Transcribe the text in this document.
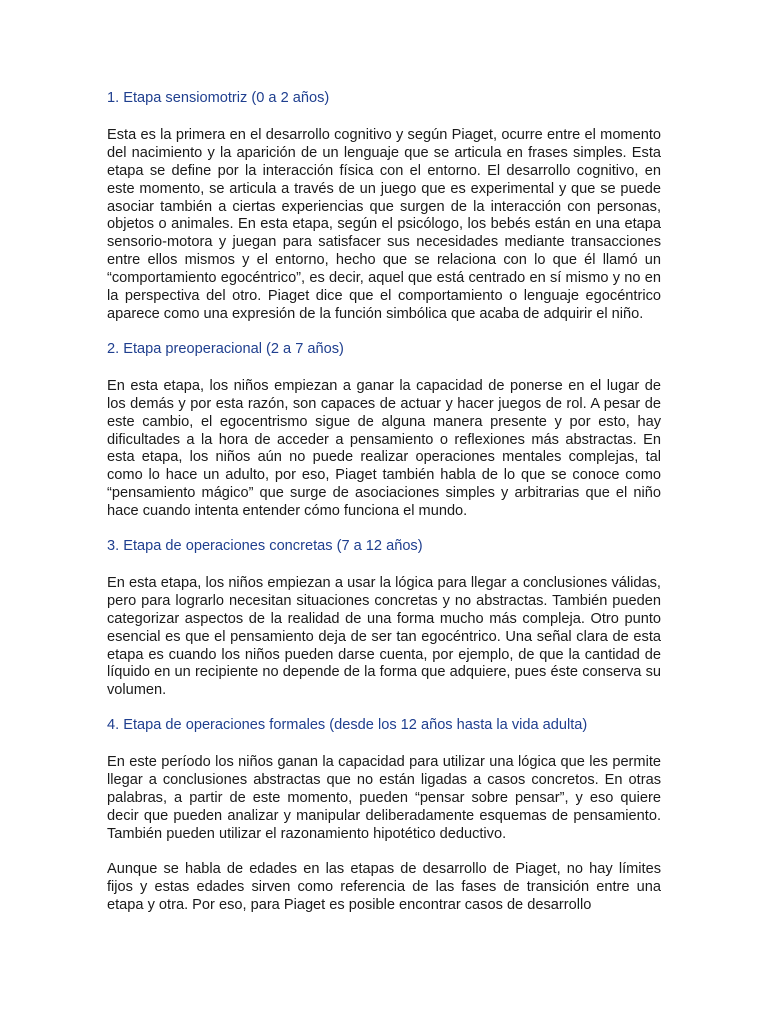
1. Etapa sensiomotriz (0 a 2 años)

Esta es la primera en el desarrollo cognitivo y según Piaget, ocurre entre el momento del nacimiento y la aparición de un lenguaje que se articula en frases simples. Esta etapa se define por la interacción física con el entorno. El desarrollo cognitivo, en este momento, se articula a través de un juego que es experimental y que se puede asociar también a ciertas experiencias que surgen de la interacción con personas, objetos o animales. En esta etapa, según el psicólogo, los bebés están en una etapa sensorio-motora y juegan para satisfacer sus necesidades mediante transacciones entre ellos mismos y el entorno, hecho que se relaciona con lo que él llamó un “comportamiento egocéntrico”, es decir, aquel que está centrado en sí mismo y no en la perspectiva del otro. Piaget dice que el comportamiento o lenguaje egocéntrico aparece como una expresión de la función simbólica que acaba de adquirir el niño.

2. Etapa preoperacional (2 a 7 años)

En esta etapa, los niños empiezan a ganar la capacidad de ponerse en el lugar de los demás y por esta razón, son capaces de actuar y hacer juegos de rol. A pesar de este cambio, el egocentrismo sigue de alguna manera presente y por esto, hay dificultades a la hora de acceder a pensamiento o reflexiones más abstractas. En esta etapa, los niños aún no puede realizar operaciones mentales complejas, tal como lo hace un adulto, por eso, Piaget también habla de lo que se conoce como “pensamiento mágico” que surge de asociaciones simples y arbitrarias que el niño hace cuando intenta entender cómo funciona el mundo.

3. Etapa de operaciones concretas (7 a 12 años)

En esta etapa, los niños empiezan a usar la lógica para llegar a conclusiones válidas, pero para lograrlo necesitan situaciones concretas y no abstractas. También pueden categorizar aspectos de la realidad de una forma mucho más compleja. Otro punto esencial es que el pensamiento deja de ser tan egocéntrico. Una señal clara de esta etapa es cuando los niños pueden darse cuenta, por ejemplo, de que la cantidad de líquido en un recipiente no depende de la forma que adquiere, pues éste conserva su volumen.

4. Etapa de operaciones formales (desde los 12 años hasta la vida adulta)

En este período los niños ganan la capacidad para utilizar una lógica que les permite llegar a conclusiones abstractas que no están ligadas a casos concretos. En otras palabras, a partir de este momento, pueden “pensar sobre pensar”, y eso quiere decir que pueden analizar y manipular deliberadamente esquemas de pensamiento. También pueden utilizar el razonamiento hipotético deductivo.

Aunque se habla de edades en las etapas de desarrollo de Piaget, no hay límites fijos y estas edades sirven como referencia de las fases de transición entre una etapa y otra. Por eso, para Piaget es posible encontrar casos de desarrollo
